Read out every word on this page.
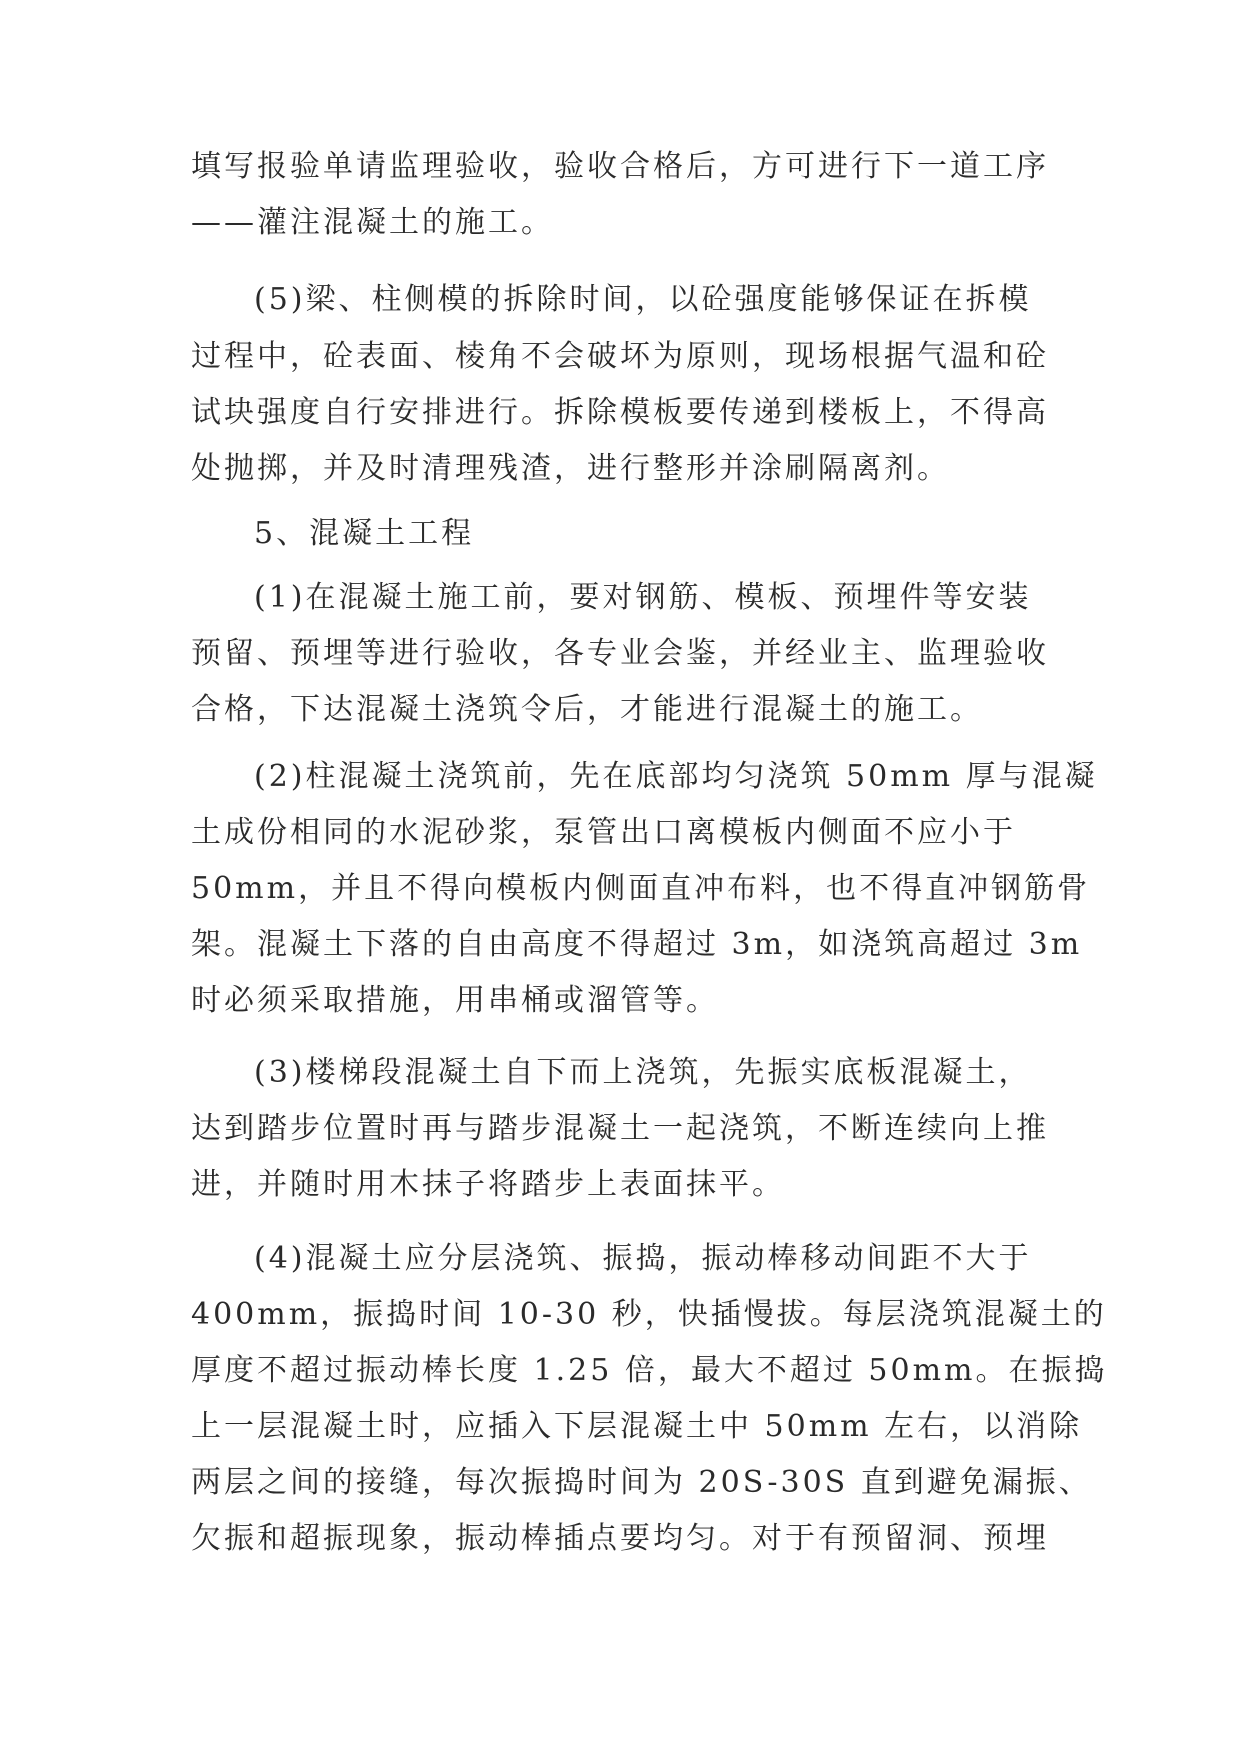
填写报验单请监理验收，验收合格后，方可进行下一道工序

——灌注混凝土的施工。

(5)梁、柱侧模的拆除时间，以砼强度能够保证在拆模

过程中，砼表面、棱角不会破坏为原则，现场根据气温和砼

试块强度自行安排进行。拆除模板要传递到楼板上，不得高

处抛掷，并及时清理残渣，进行整形并涂刷隔离剂。

5、混凝土工程

(1)在混凝土施工前，要对钢筋、模板、预埋件等安装

预留、预埋等进行验收，各专业会鉴，并经业主、监理验收

合格，下达混凝土浇筑令后，才能进行混凝土的施工。

(2)柱混凝土浇筑前，先在底部均匀浇筑 50mm 厚与混凝

土成份相同的水泥砂浆，泵管出口离模板内侧面不应小于

50mm，并且不得向模板内侧面直冲布料，也不得直冲钢筋骨

架。混凝土下落的自由高度不得超过 3m，如浇筑高超过 3m

时必须采取措施，用串桶或溜管等。

(3)楼梯段混凝土自下而上浇筑，先振实底板混凝土，

达到踏步位置时再与踏步混凝土一起浇筑，不断连续向上推

进，并随时用木抹子将踏步上表面抹平。

(4)混凝土应分层浇筑、振捣，振动棒移动间距不大于

400mm，振捣时间 10-30 秒，快插慢拔。每层浇筑混凝土的

厚度不超过振动棒长度 1.25 倍，最大不超过 50mm。在振捣

上一层混凝土时，应插入下层混凝土中 50mm 左右，以消除

两层之间的接缝，每次振捣时间为 20S-30S 直到避免漏振、

欠振和超振现象，振动棒插点要均匀。对于有预留洞、预埋
